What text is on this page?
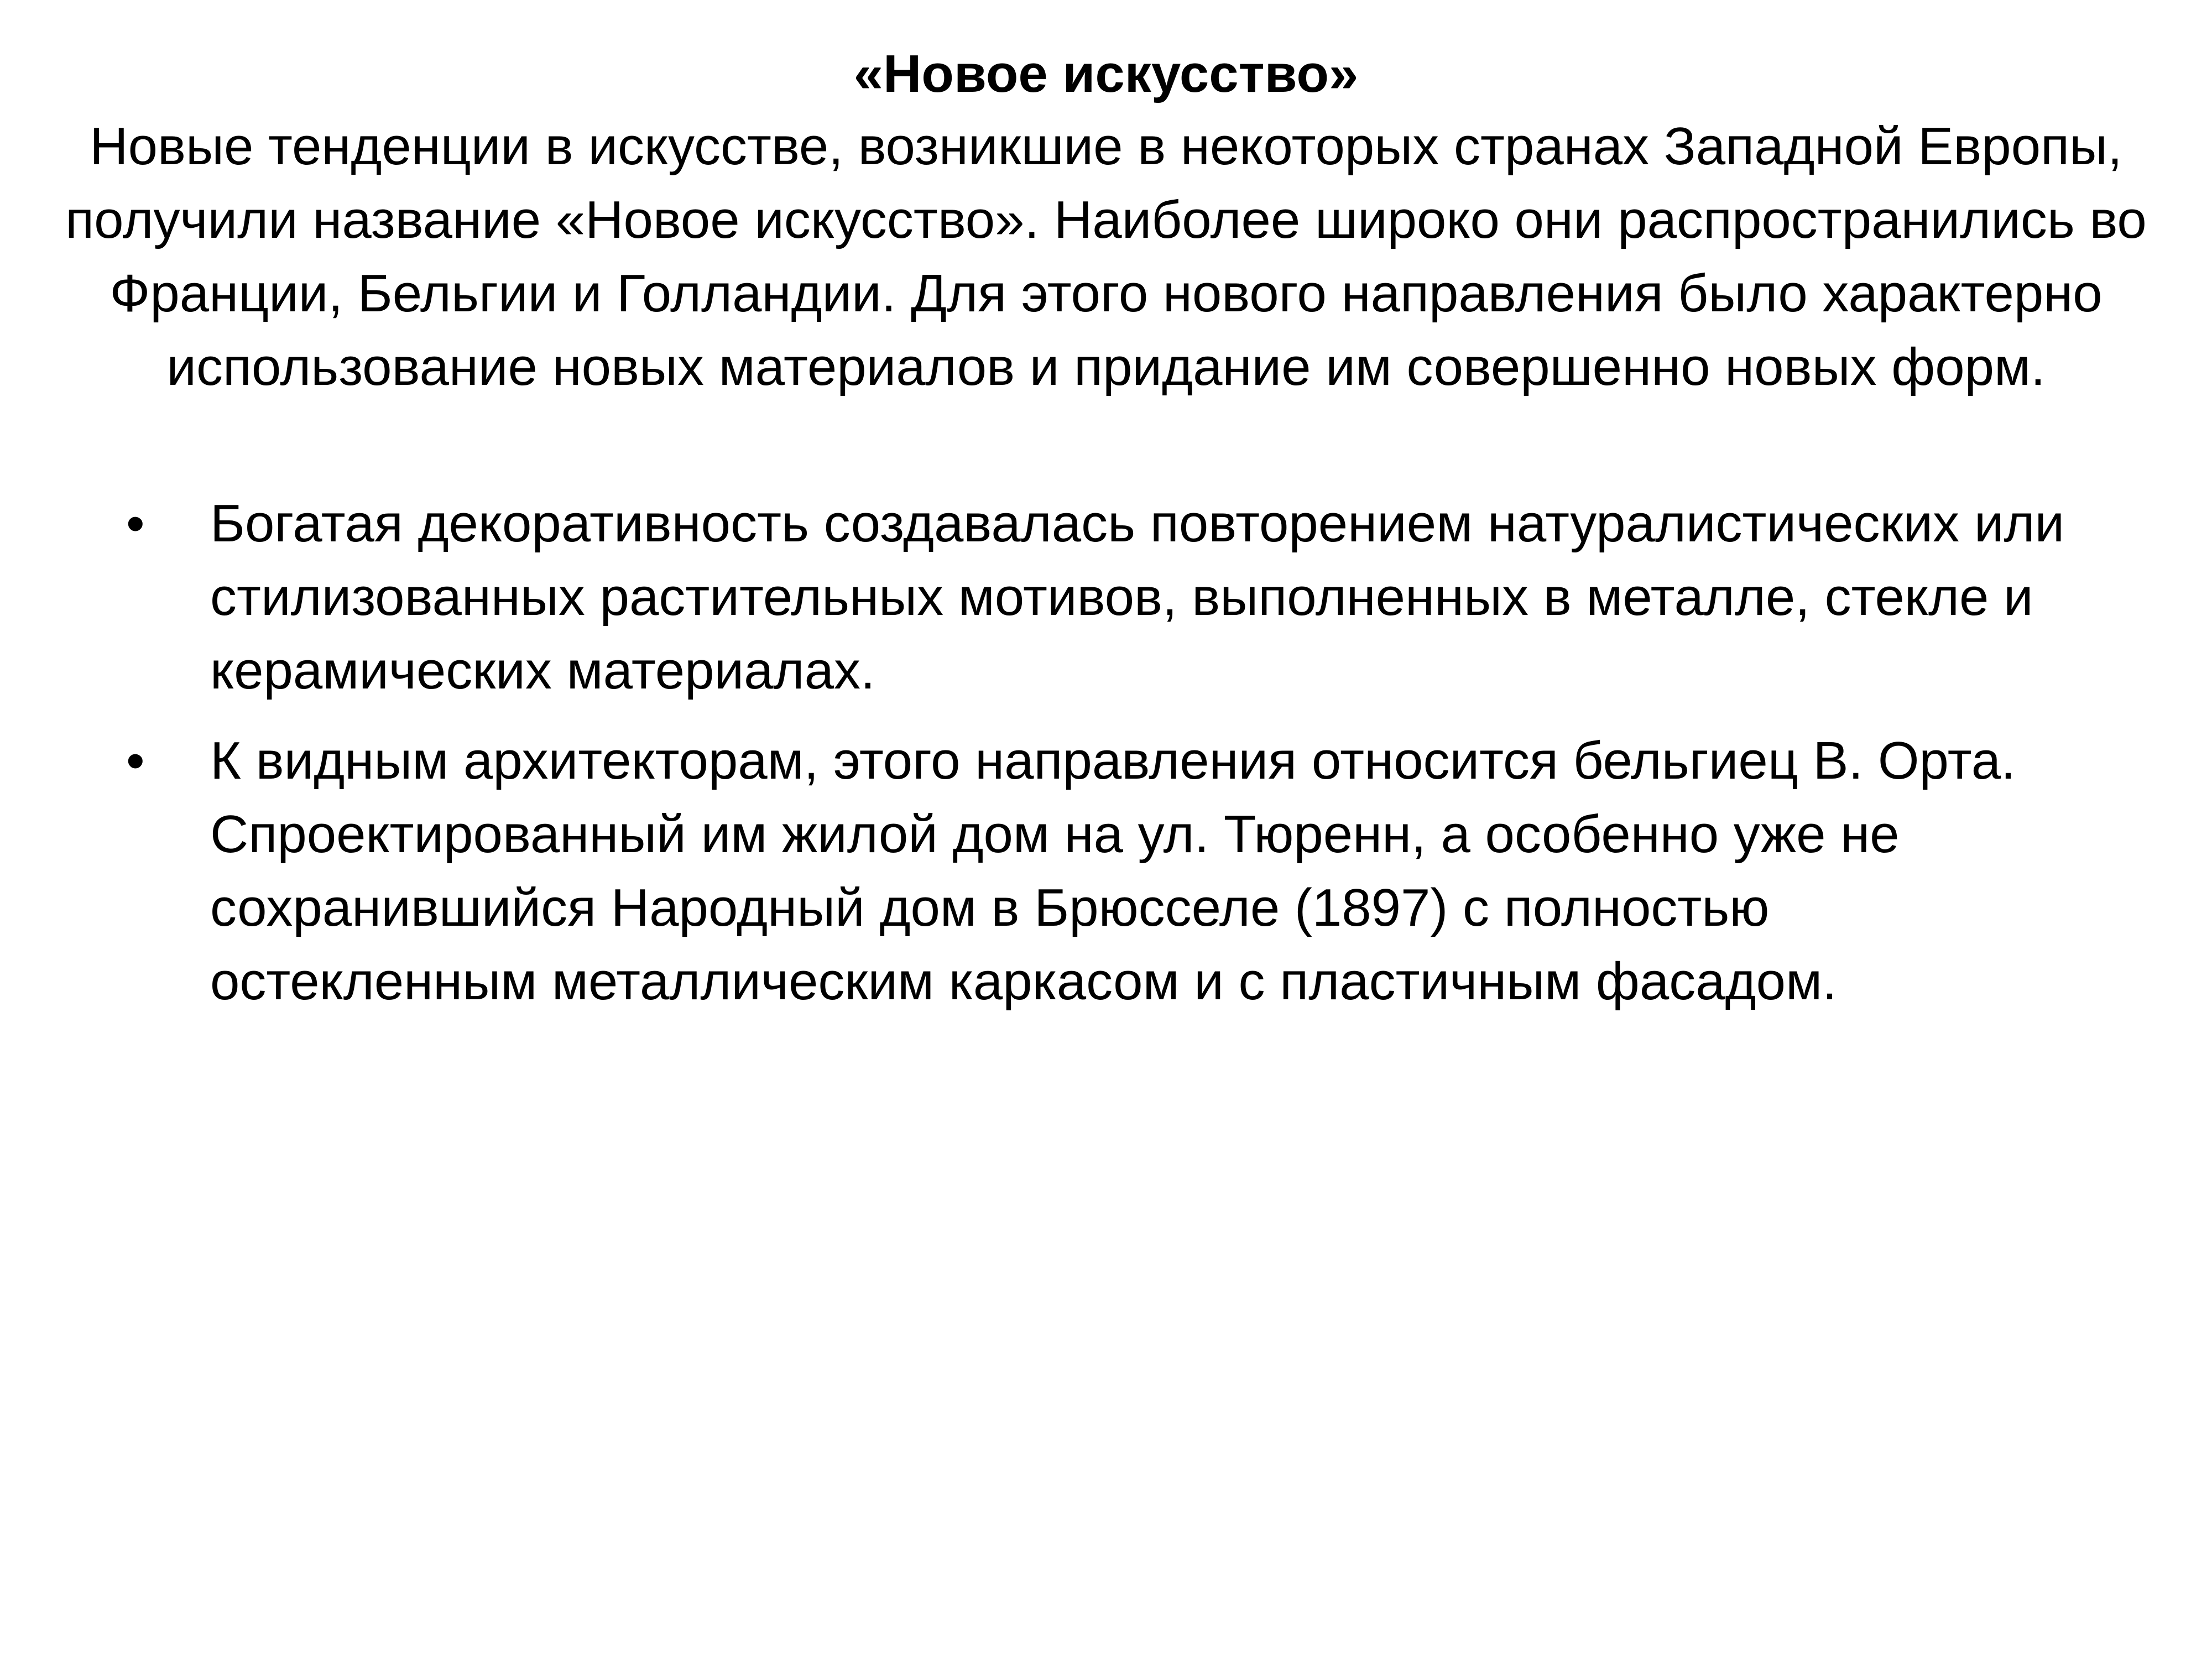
«Новое искусство»

Новые тенденции в искусстве, возникшие в некоторых странах Западной Европы, получили название «Новое искусство». Наиболее широко они распространились во Франции, Бельгии и Голландии. Для этого нового направления было характерно использование новых материалов и придание им совершенно новых форм.

• Богатая декоративность создавалась повторением натуралистических или стилизованных растительных мотивов, выполненных в металле, стекле и керамических материалах.
• К видным архитекторам, этого направления относится бельгиец В. Орта. Спроектированный им жилой дом на ул. Тюренн, а особенно уже не сохранившийся Народный дом в Брюсселе (1897) с полностью остекленным металлическим каркасом и с пластичным фасадом.
